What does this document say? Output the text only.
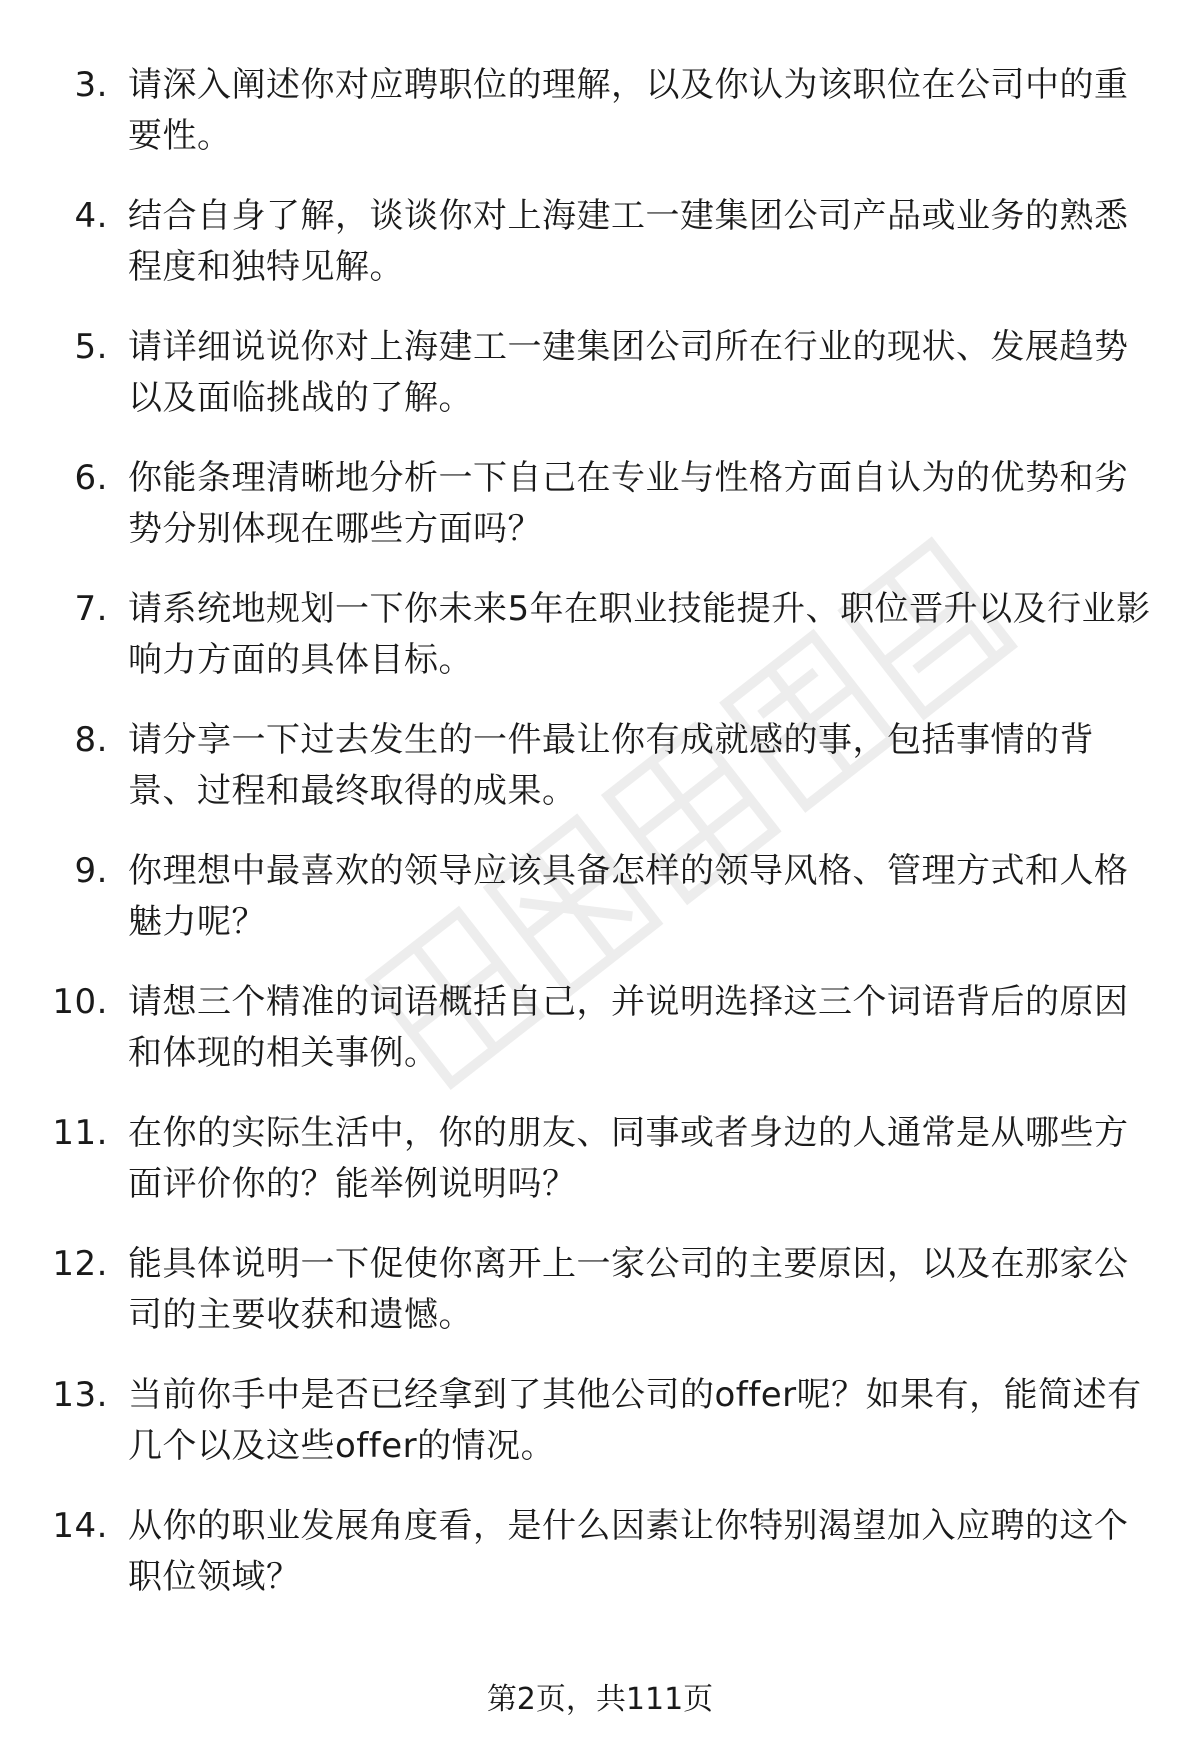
3. 请深入阐述你对应聘职位的理解，以及你认为该职位在公司中的重要性。
4. 结合自身了解，谈谈你对上海建工一建集团公司产品或业务的熟悉程度和独特见解。
5. 请详细说说你对上海建工一建集团公司所在行业的现状、发展趋势以及面临挑战的了解。
6. 你能条理清晰地分析一下自己在专业与性格方面自认为的优势和劣势分别体现在哪些方面吗？
7. 请系统地规划一下你未来5年在职业技能提升、职位晋升以及行业影响力方面的具体目标。
8. 请分享一下过去发生的一件最让你有成就感的事，包括事情的背景、过程和最终取得的成果。
9. 你理想中最喜欢的领导应该具备怎样的领导风格、管理方式和人格魅力呢？
10. 请想三个精准的词语概括自己，并说明选择这三个词语背后的原因和体现的相关事例。
11. 在你的实际生活中，你的朋友、同事或者身边的人通常是从哪些方面评价你的？能举例说明吗？
12. 能具体说明一下促使你离开上一家公司的主要原因，以及在那家公司的主要收获和遗憾。
13. 当前你手中是否已经拿到了其他公司的offer呢？如果有，能简述有几个以及这些offer的情况。
14. 从你的职业发展角度看，是什么因素让你特别渴望加入应聘的这个职位领域？
第2页，共111页
